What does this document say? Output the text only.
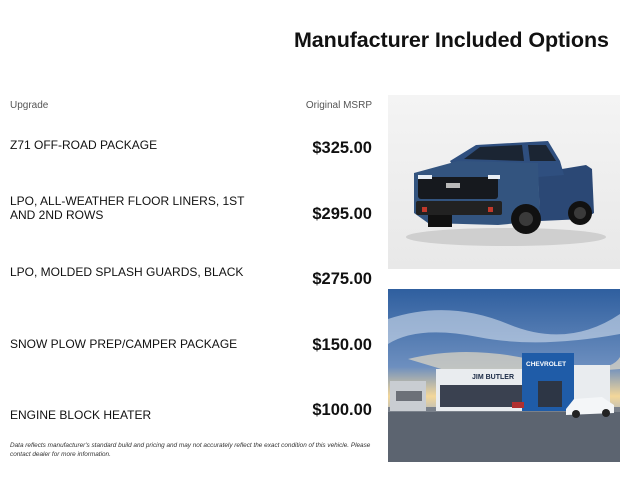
Manufacturer Included Options
Upgrade	Original MSRP
Z71 OFF-ROAD PACKAGE	$325.00
LPO, ALL-WEATHER FLOOR LINERS, 1ST AND 2ND ROWS	$295.00
LPO, MOLDED SPLASH GUARDS, BLACK	$275.00
SNOW PLOW PREP/CAMPER PACKAGE	$150.00
ENGINE BLOCK HEATER	$100.00
Data reflects manufacturer's standard build and pricing and may not accurately reflect the exact condition of this vehicle. Please contact dealer for more information.
JIM BUTLER
CHEVROLET
